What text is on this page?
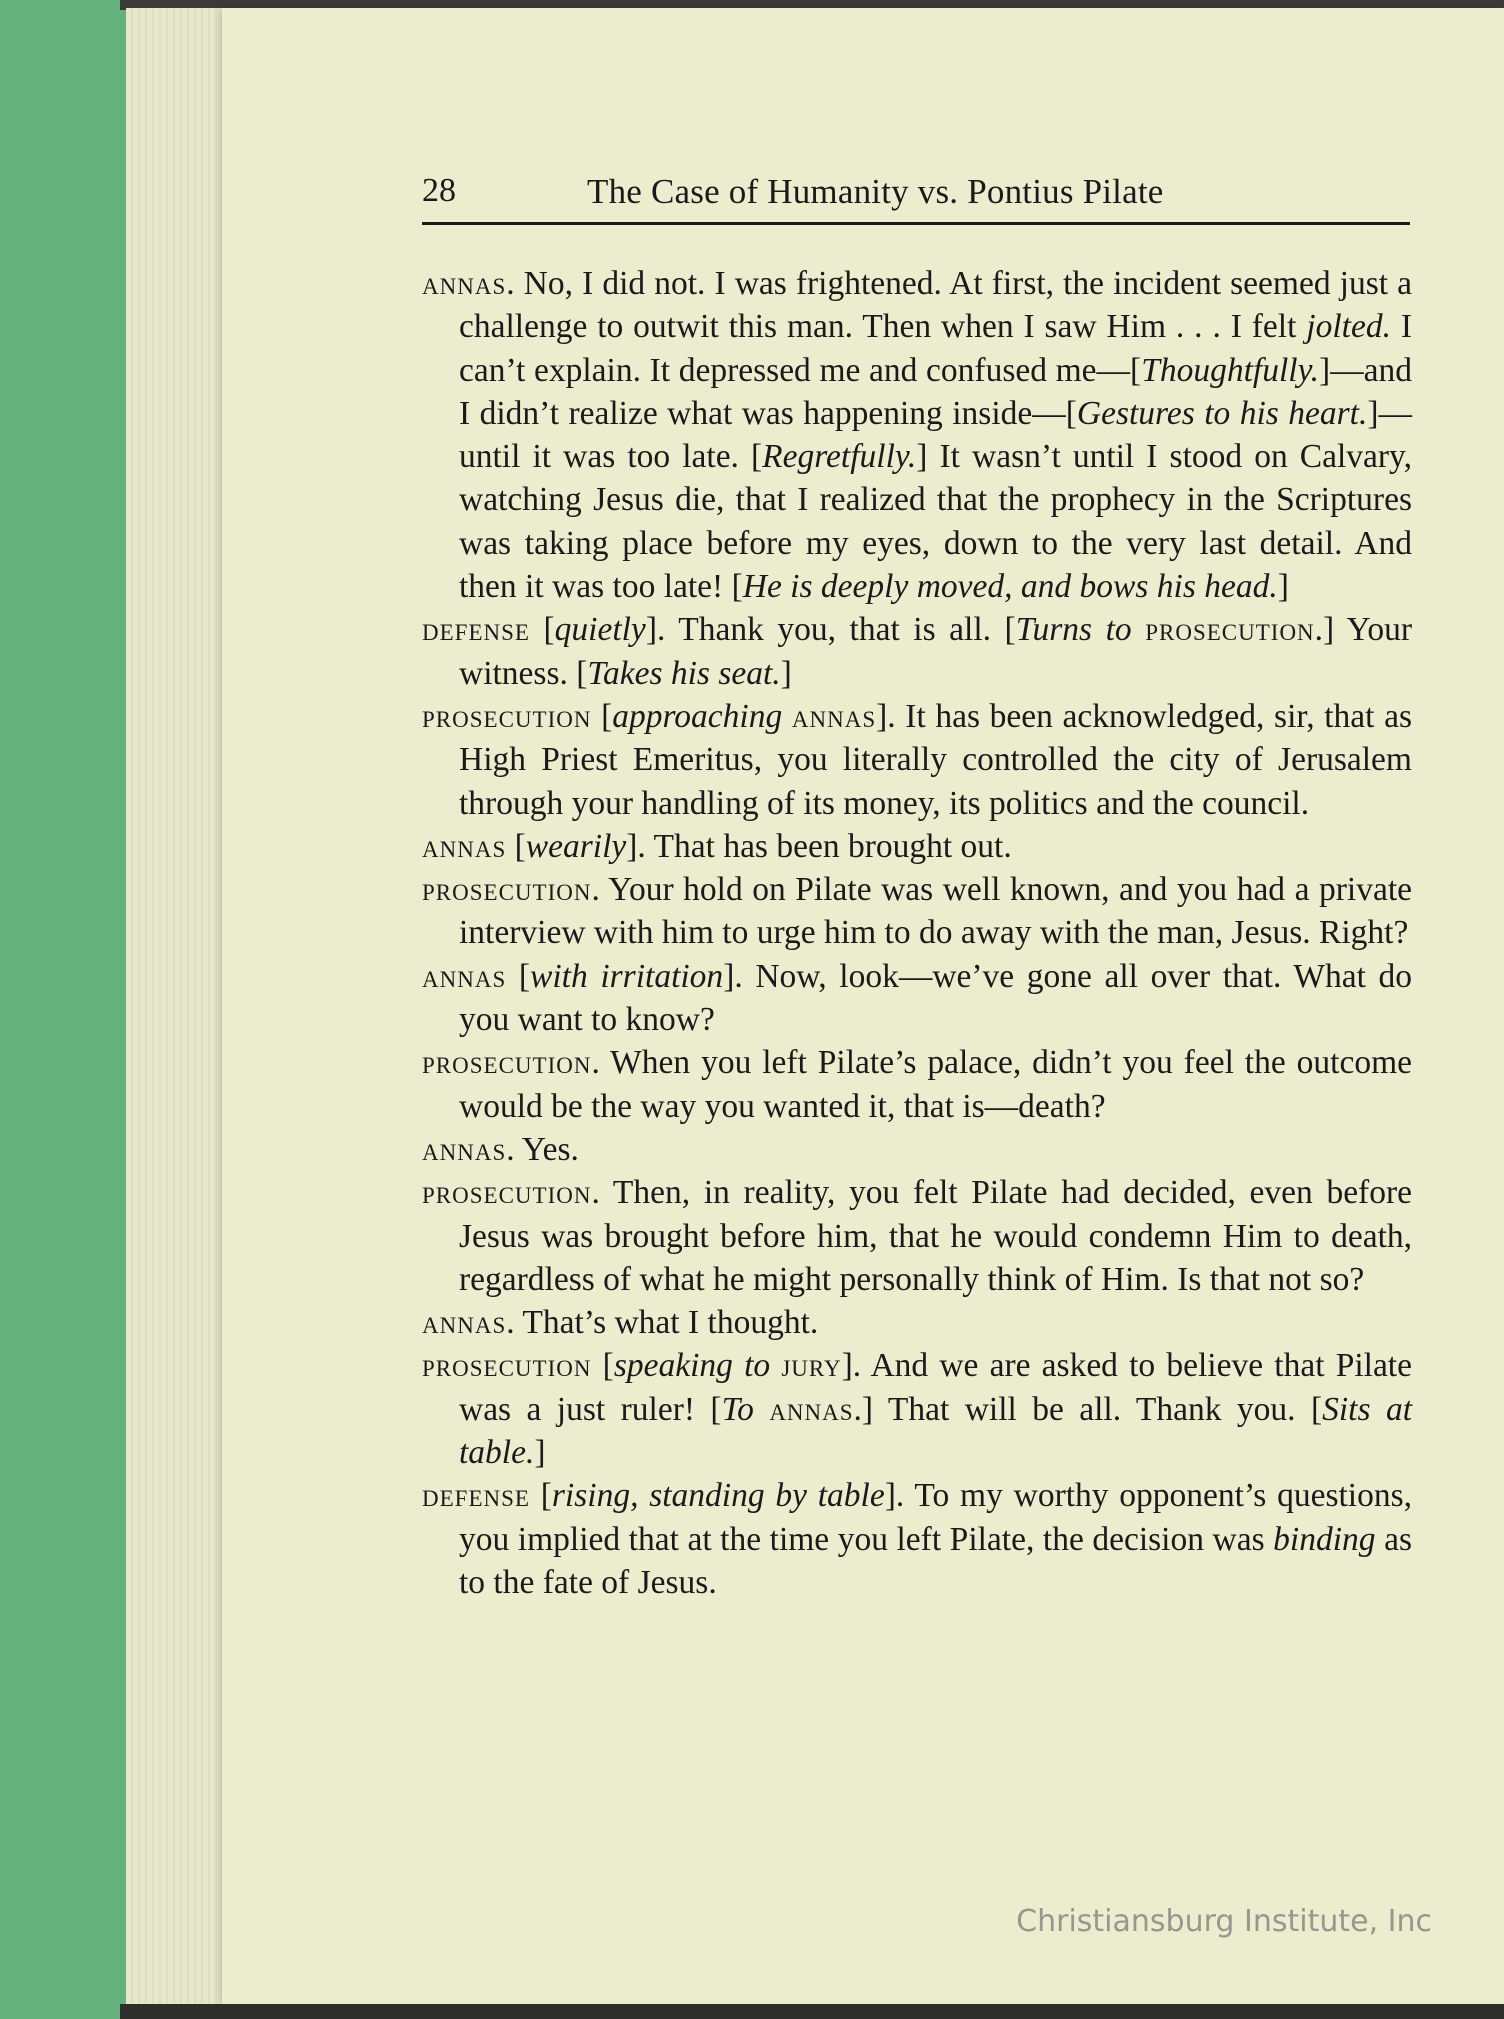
28	The Case of Humanity vs. Pontius Pilate

annas. No, I did not. I was frightened. At first, the incident seemed just a challenge to outwit this man. Then when I saw Him . . . I felt jolted. I can’t explain. It depressed me and confused me—[Thoughtfully.]—and I didn’t realize what was happening inside—[Gestures to his heart.]—until it was too late. [Regretfully.] It wasn’t until I stood on Calvary, watching Jesus die, that I realized that the prophecy in the Scriptures was taking place before my eyes, down to the very last detail. And then it was too late! [He is deeply moved, and bows his head.]

defense [quietly]. Thank you, that is all. [Turns to prosecution.] Your witness. [Takes his seat.]

prosecution [approaching annas]. It has been acknowledged, sir, that as High Priest Emeritus, you literally controlled the city of Jerusalem through your handling of its money, its politics and the council.

annas [wearily]. That has been brought out.

prosecution. Your hold on Pilate was well known, and you had a private interview with him to urge him to do away with the man, Jesus. Right?

annas [with irritation]. Now, look—we’ve gone all over that. What do you want to know?

prosecution. When you left Pilate’s palace, didn’t you feel the outcome would be the way you wanted it, that is—death?

annas. Yes.

prosecution. Then, in reality, you felt Pilate had decided, even before Jesus was brought before him, that he would condemn Him to death, regardless of what he might personally think of Him. Is that not so?

annas. That’s what I thought.

prosecution [speaking to jury]. And we are asked to believe that Pilate was a just ruler! [To annas.] That will be all. Thank you. [Sits at table.]

defense [rising, standing by table]. To my worthy opponent’s questions, you implied that at the time you left Pilate, the decision was binding as to the fate of Jesus.

Christiansburg Institute, Inc
